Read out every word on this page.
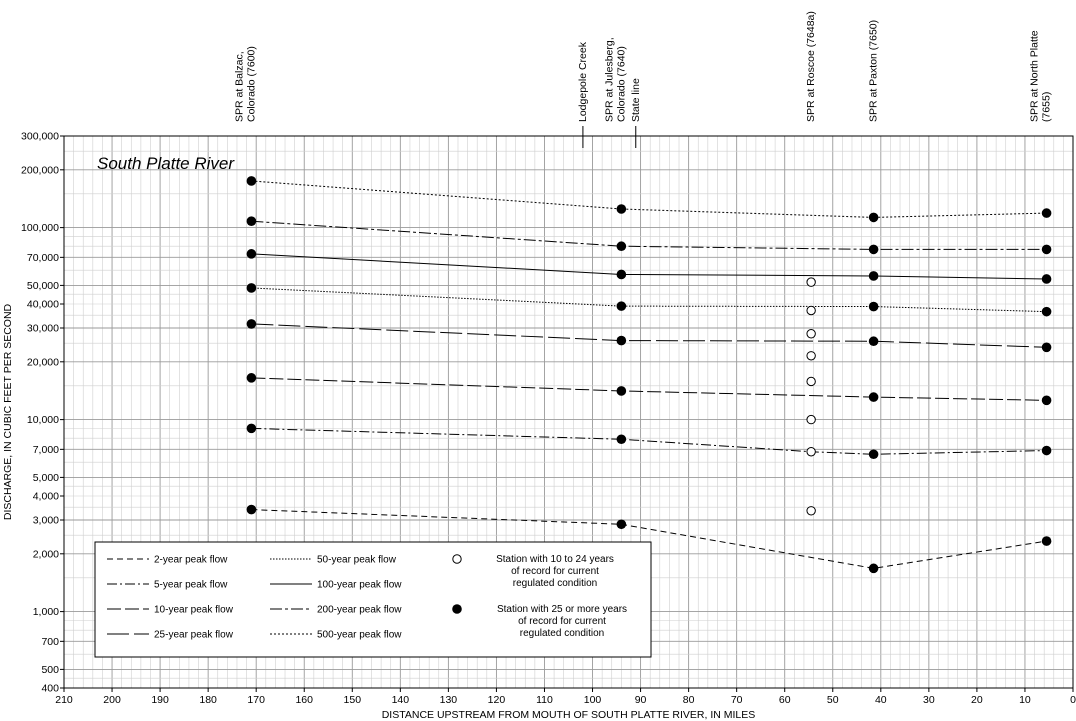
210	200	190	180	170	160	150	140	130	120	110	100	90	80	70	60	50	40	30	20	10	0
400
500
700
1,000
2,000
3,000
4,000
5,000
7,000
10,000
20,000
30,000
40,000
50,000
70,000
100,000
200,000
300,000
SPR at Balzac, Colorado (7600)	Lodgepole Creek SPR at Julesberg, Colorado (7640) State line	SPR at Roscoe (7648a)	SPR at Paxton (7650)	SPR at North Platte (7655)
South Platte River
DISCHARGE, IN CUBIC FEET PER SECOND
DISTANCE UPSTREAM FROM MOUTH OF SOUTH PLATTE RIVER, IN MILES
2-year peak flow
5-year peak flow
10-year peak flow
25-year peak flow
50-year peak flow
100-year peak flow
200-year peak flow
500-year peak flow
Station with 10 to 24 years
of record for current
regulated condition
Station with 25 or more years
of record for current
regulated condition
